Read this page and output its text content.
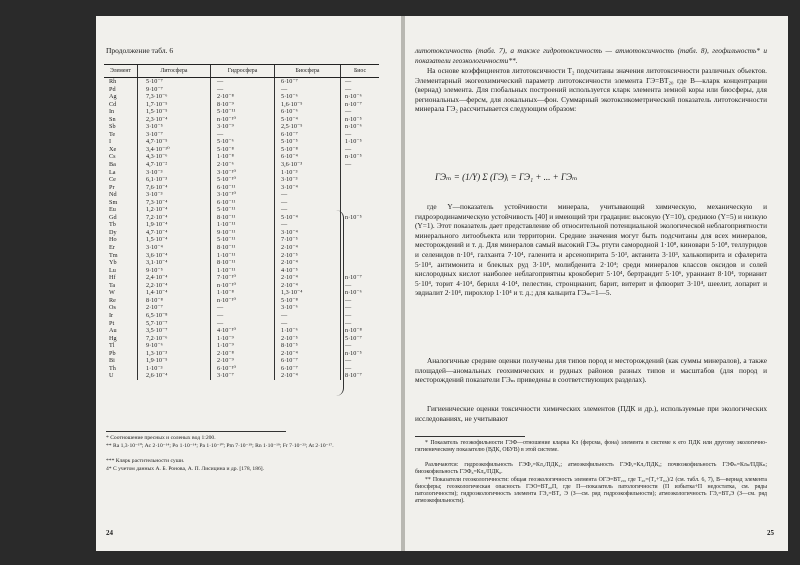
Продолжение табл. 6
Элемент	Литосфера	Гидросфера	Биосфера	Биос
Rh	5·10⁻⁷	—	6·10⁻⁷	—
Pd	9·10⁻⁷	—	—	—
Ag	7,3·10⁻⁶	2·10⁻⁸	5·10⁻⁶	n·10⁻⁶
Cd	1,7·10⁻⁵	8·10⁻⁹	1,6·10⁻⁵	n·10⁻⁷
In	1,5·10⁻⁵	5·10⁻¹¹	6·10⁻⁶	—
Sn	2,3·10⁻⁴	n·10⁻¹⁰	5·10⁻⁴	n·10⁻⁵
Sb	3·10⁻⁵	3·10⁻⁹	2,5·10⁻⁵	n·10⁻⁶
Te	3·10⁻⁷	—	6·10⁻⁷	—
I	4,7·10⁻⁵	5·10⁻⁶	5·10⁻⁵	1·10⁻⁵
Xe	3,4·10⁻¹⁰	5·10⁻⁸	5·10⁻⁸	—
Cs	4,3·10⁻⁶	1·10⁻⁸	6·10⁻⁴	n·10⁻⁵
Ba	4,7·10⁻²	2·10⁻⁶	3,6·10⁻³	—
La	3·10⁻³	3·10⁻¹⁰	1·10⁻³	
Ce	6,1·10⁻³	5·10⁻¹⁰	3·10⁻³	
Pr	7,6·10⁻⁴	6·10⁻¹¹	3·10⁻⁴	
Nd	3·10⁻³	3·10⁻¹⁰	—	
Sm	7,3·10⁻⁴	6·10⁻¹¹	—	
Eu	1,2·10⁻⁴	5·10⁻¹¹	—	
Gd	7,2·10⁻⁴	8·10⁻¹¹	5·10⁻⁴	n·10⁻⁵
Tb	1,9·10⁻⁴	1·10⁻¹¹	—	
Dy	4,7·10⁻⁴	9·10⁻¹¹	3·10⁻⁴	
Ho	1,5·10⁻⁴	5·10⁻¹¹	7·10⁻⁵	
Er	3·10⁻⁴	8·10⁻¹¹	2·10⁻⁴	
Tm	3,6·10⁻⁴	1·10⁻¹¹	2·10⁻⁵	
Yb	3,1·10⁻⁴	8·10⁻¹¹	2·10⁻⁴	
Lu	9·10⁻⁵	1·10⁻¹¹	4·10⁻⁵	
Hf	2,4·10⁻⁴	7·10⁻¹⁰	2·10⁻⁴	n·10⁻⁷
Ta	2,2·10⁻⁴	n·10⁻¹⁰	2·10⁻⁴	—
W	1,4·10⁻⁴	1·10⁻⁸	1,3·10⁻⁴	n·10⁻⁶
Re	8·10⁻⁸	n·10⁻¹⁰	5·10⁻⁸	—
Os	2·10⁻⁷	—	3·10⁻⁶	—
Ir	6,5·10⁻⁸	—	—	—
Pt	5,7·10⁻⁷	—	—	—
Au	3,5·10⁻⁷	4·10⁻¹⁰	1·10⁻⁶	n·10⁻⁸
Hg	7,2·10⁻⁶	1·10⁻⁹	2·10⁻⁵	5·10⁻⁷
Tl	9·10⁻⁶	1·10⁻⁹	8·10⁻⁵	—
Pb	1,3·10⁻³	2·10⁻⁸	2·10⁻⁴	n·10⁻⁵
Bi	1,9·10⁻⁵	2·10⁻⁹	6·10⁻⁷	—
Th	1·10⁻³	6·10⁻¹⁰	6·10⁻⁷	—
U	2,6·10⁻⁴	3·10⁻⁷	2·10⁻⁴	8·10⁻⁷
* Соотношение пресных и соленых вод 1:200.
** Ra 1,3·10⁻¹⁰; Ac 2·10⁻¹⁴; Po 1·10⁻¹⁴; Pa 1·10⁻¹⁰; Pm 7·10⁻¹⁹; Rn 1·10⁻¹⁹; Fr 7·10⁻²³; At 2·10⁻¹⁷.
*** Клярк растительности суши.
4* С учетом данных А. Б. Ронова, А. П. Лисицина и др. [178, 186].
24

литотоксичность (табл. 7), а также гидротоксичность — атмотоксичность (табл. 8), геофильность* и показатели геоэкологичности**.

На основе коэффициентов литотоксичности Т₂ подсчитаны значения литотоксичности различных объектов. Элементарный экогеохимический параметр литотоксичности элемента ГЭ=ВТ₂₀ где В—кларк концентрации (вернад) элемента. Для глобальных построений используется кларк элемента земной коры или биосферы, для региональных—ферсм, для локальных—фон. Суммарный экотоксикометрический показатель литотоксичности минерала ГЭ₂ рассчитывается следующим образом:

ГЭₘ = (1/Y) Σ (ГЭ)ᵢ = ГЭ₁ + ... + ГЭₘ

где Y—показатель устойчивости минерала, учитывающий химическую, механическую и гидроэродинамическую устойчивость [40] и имеющий три градации: высокую (Y=10), среднюю (Y=5) и низкую (Y=1). Этот показатель дает представление об относительной потенциальной экологической неблагоприятности минерального литообъекта или территории. Средние значения могут быть подсчитаны для всех минералов, месторождений и т. д. Для минералов самый высокий ГЭₘ ртути самородной 1·10⁸, киновари 5·10⁸, теллуридов и селенидов n·10⁴, галханта 7·10⁴, галенита и арсенопирита 5·10³, актанита 3·10³, халькопирита и сфалерита 5·10⁴, антимонита и блеклых руд 3·10⁴, молибденита 2·10⁴; среди минералов классов оксидов и солей кислородных кислот наиболее неблагоприятны крокоберит 5·10⁴, бертрандит 5·10⁶, ураниант 8·10⁴, торианит 5·10⁴, торит 4·10⁴, берилл 4·10⁴, пелестин, стронцианит, барит, витерит и флюорит 3·10⁴, шеелит, лопарит и эвдиалит 2·10⁴, пирохлор 1·10⁴ и т. д.; для кальцита ГЭₘ=1—5.

Аналогичные средние оценки получены для типов пород и месторождений (как суммы минералов), а также площадей—аномальных геохимических и рудных районов разных типов и масштабов (для пород и месторождений показатели ГЭₘ приведены в соответствующих разделах).

Гигиенические оценки токсичности химических элементов (ПДК и др.), используемые при экологических исследованиях, не учитывают

* Показатель геоэкофильности ГЭФ—отношение кларка Кл (ферсма, фона) элемента в системе к его ПДК или другому экологично-гигиеническому показателю (ВДК, ОБУВ) в этой системе.

Различаются: гидроэкофильность ГЭФ₂=Кл₂/ПДК₂; атмоэкофильность ГЭФₐ=Клₐ/ПДКₐ; почвоэкофильность ГЭФₙ=Клₙ/ПДКₙ; биоэкофильность ГЭФ₆=Кл₆/ПДК₆.

** Показатели геоэкологичности: общая геоэкологичность элемента ОГЭ=ВТ₂₀, где Т₂₀=(Т₂+Т₆₂)/2 (см. табл. 6, 7), В—вернад элемента биосферы; геоэкологическая опасность ГЭО=ВТ₂₀П, где П—показатель патологичности (П избытка+П недостатка, см. ряды патологичности); гидроэкологичность элемента ГЭ₂=ВТ₂ Э (З—см. ряд гидроэкофильности); атмоэкологичность ГЭₐ=ВТₐЭ (З—см. ряд атмоэкофильности).

25
